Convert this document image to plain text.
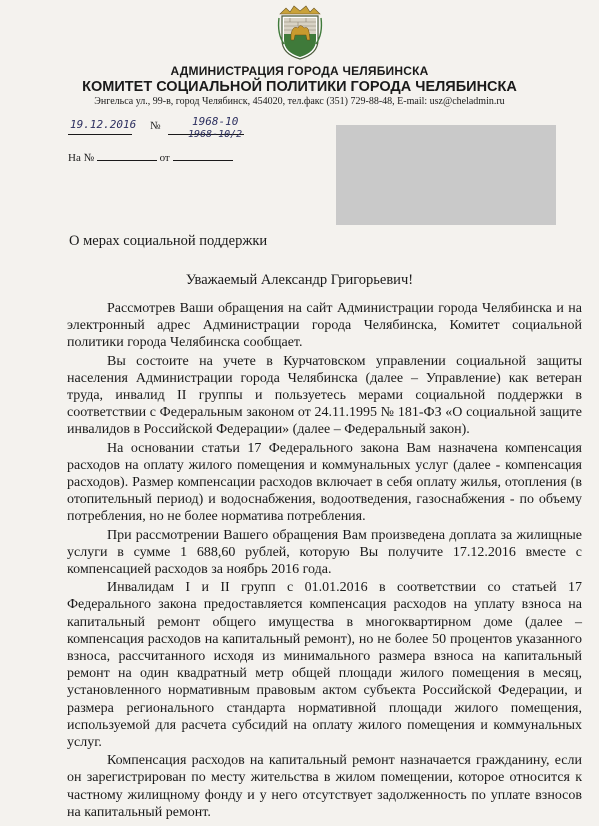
АДМИНИСТРАЦИЯ ГОРОДА ЧЕЛЯБИНСКА
КОМИТЕТ СОЦИАЛЬНОЙ ПОЛИТИКИ ГОРОДА ЧЕЛЯБИНСКА
Энгельса ул., 99-в, город Челябинск, 454020, тел.факс (351) 729-88-48, E-mail: usz@cheladmin.ru
19.12.2016 №	1968-10
1968-10/2
На №	от
О мерах социальной поддержки
Уважаемый Александр Григорьевич!

Рассмотрев Ваши обращения на сайт Администрации города Челябинска и на электронный адрес Администрации города Челябинска, Комитет социальной политики города Челябинска сообщает.

Вы состоите на учете в Курчатовском управлении социальной защиты населения Администрации города Челябинска (далее – Управление) как ветеран труда, инвалид II группы и пользуетесь мерами социальной поддержки в соответствии с Федеральным законом от 24.11.1995 № 181-ФЗ «О социальной защите инвалидов в Российской Федерации» (далее – Федеральный закон).

На основании статьи 17 Федерального закона Вам назначена компенсация расходов на оплату жилого помещения и коммунальных услуг (далее - компенсация расходов). Размер компенсации расходов включает в себя оплату жилья, отопления (в отопительный период) и водоснабжения, водоотведения, газоснабжения - по объему потребления, но не более норматива потребления.

При рассмотрении Вашего обращения Вам произведена доплата за жилищные услуги в сумме 1 688,60 рублей, которую Вы получите 17.12.2016 вместе с компенсацией расходов за ноябрь 2016 года.

Инвалидам I и II групп с 01.01.2016 в соответствии со статьей 17 Федерального закона предоставляется компенсация расходов на уплату взноса на капитальный ремонт общего имущества в многоквартирном доме (далее – компенсация расходов на капитальный ремонт), но не более 50 процентов указанного взноса, рассчитанного исходя из минимального размера взноса на капитальный ремонт на один квадратный метр общей площади жилого помещения в месяц, установленного нормативным правовым актом субъекта Российской Федерации, и размера регионального стандарта нормативной площади жилого помещения, используемой для расчета субсидий на оплату жилого помещения и коммунальных услуг.

Компенсация расходов на капитальный ремонт назначается гражданину, если он зарегистрирован по месту жительства в жилом помещении, которое относится к частному жилищному фонду и у него отсутствует задолженность по уплате взносов на капитальный ремонт.
